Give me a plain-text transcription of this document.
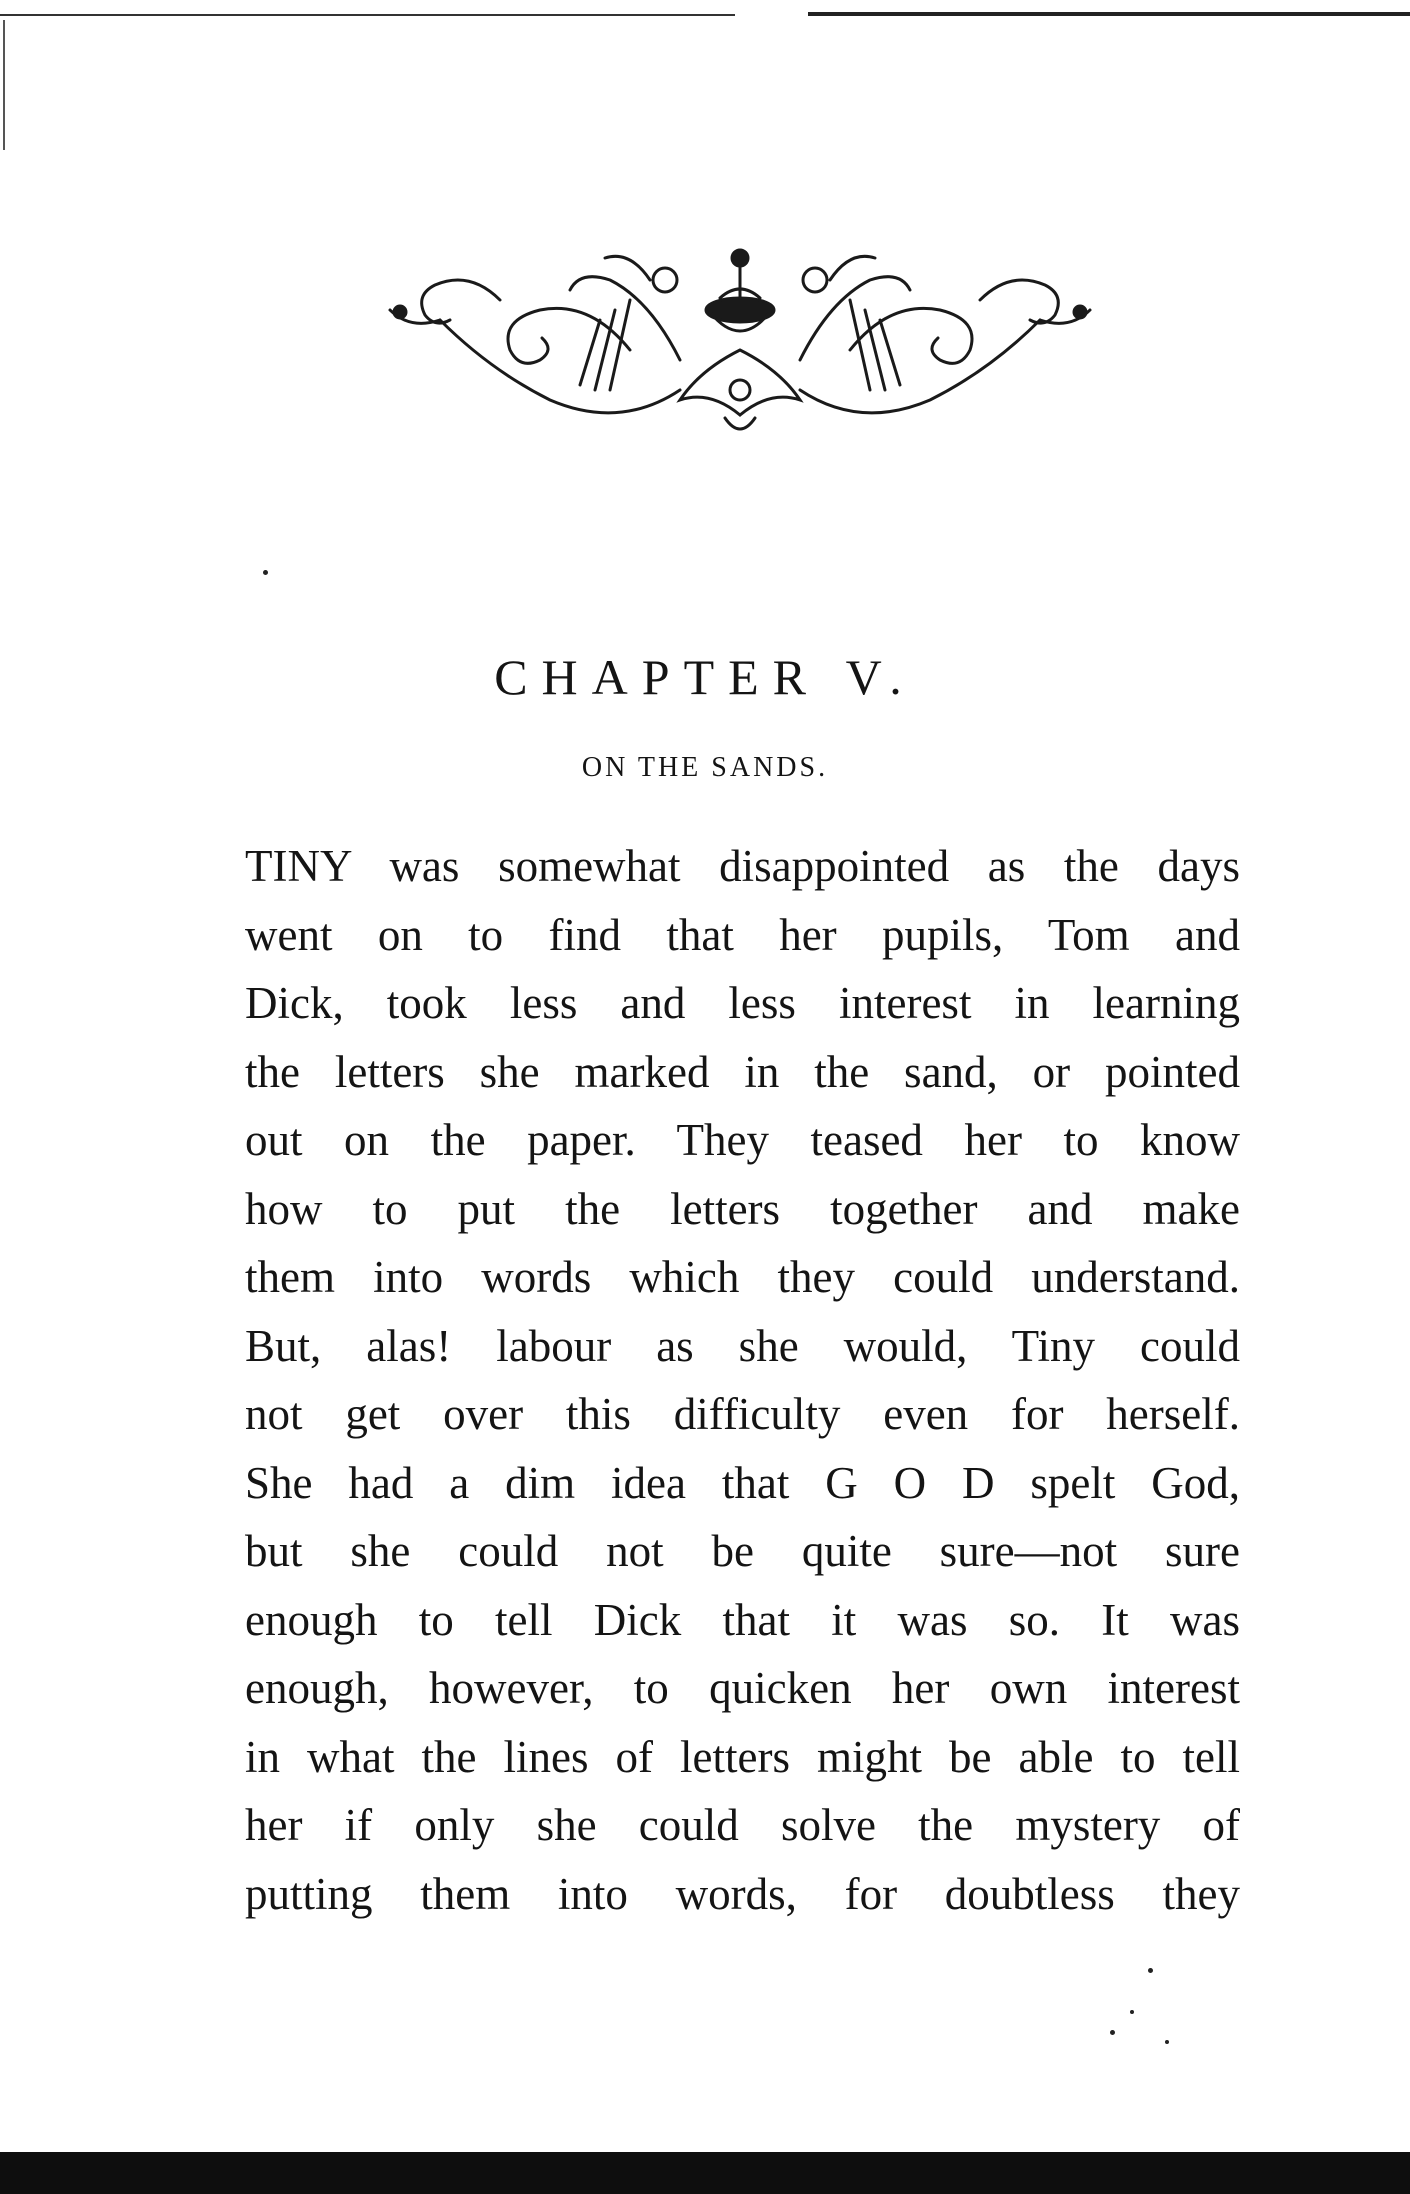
CHAPTER V.
ON THE SANDS.
TINY was somewhat disappointed as the days
went on to find that her pupils, Tom and
Dick, took less and less interest in learning
the letters she marked in the sand, or pointed
out on the paper. They teased her to know
how to put the letters together and make
them into words which they could understand.
But, alas! labour as she would, Tiny could
not get over this difficulty even for herself.
She had a dim idea that G O D spelt God,
but she could not be quite sure—not sure
enough to tell Dick that it was so. It was
enough, however, to quicken her own interest
in what the lines of letters might be able to tell
her if only she could solve the mystery of
putting them into words, for doubtless they
